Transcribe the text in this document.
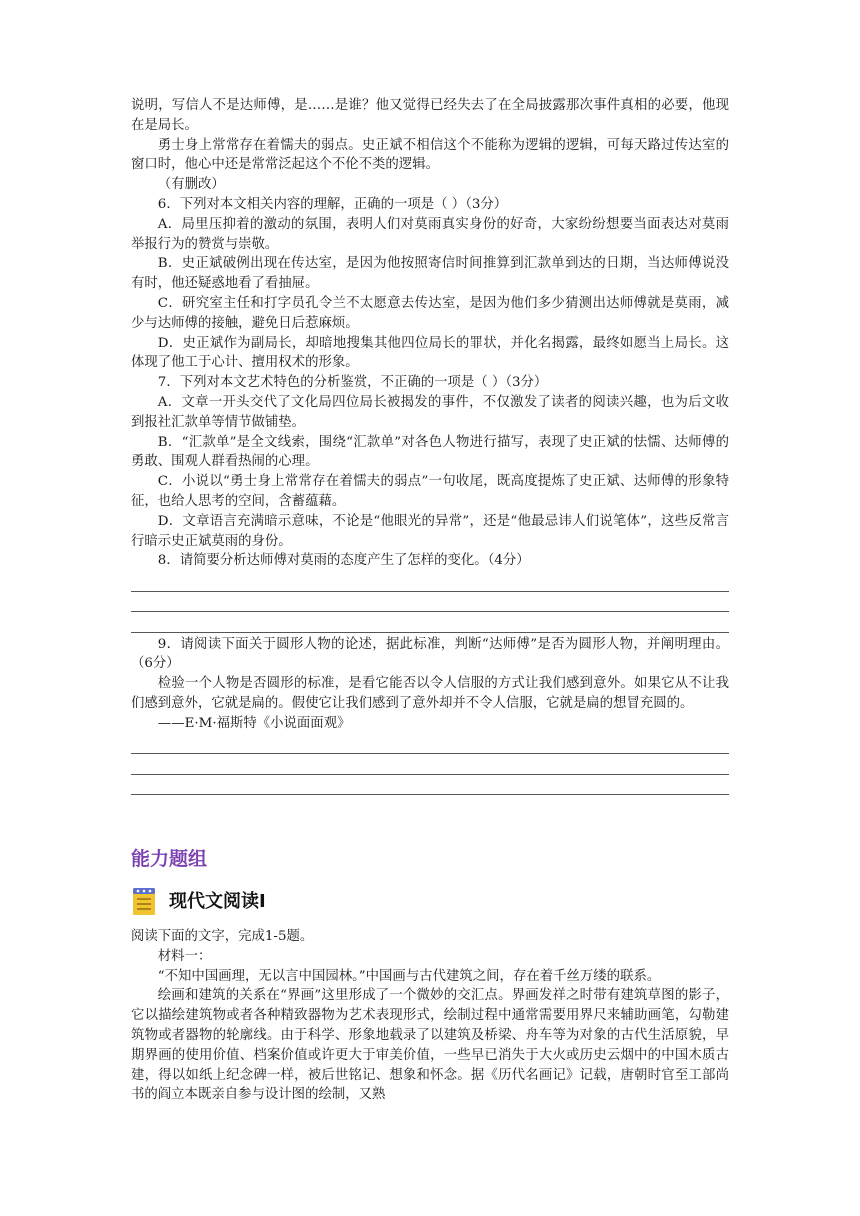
说明，写信人不是达师傅，是……是谁？他又觉得已经失去了在全局披露那次事件真相的必要，他现在是局长。

勇士身上常常存在着懦夫的弱点。史正斌不相信这个不能称为逻辑的逻辑，可每天路过传达室的窗口时，他心中还是常常泛起这个不伦不类的逻辑。

（有删改）

6．下列对本文相关内容的理解，正确的一项是（ ）（3分）

A．局里压抑着的激动的氛围，表明人们对莫雨真实身份的好奇，大家纷纷想要当面表达对莫雨举报行为的赞赏与崇敬。

B．史正斌破例出现在传达室，是因为他按照寄信时间推算到汇款单到达的日期，当达师傅说没有时，他还疑惑地看了看抽屉。

C．研究室主任和打字员孔令兰不太愿意去传达室，是因为他们多少猜测出达师傅就是莫雨，减少与达师傅的接触，避免日后惹麻烦。

D．史正斌作为副局长，却暗地搜集其他四位局长的罪状，并化名揭露，最终如愿当上局长。这体现了他工于心计、擅用权术的形象。

7．下列对本文艺术特色的分析鉴赏，不正确的一项是（ ）（3分）

A．文章一开头交代了文化局四位局长被揭发的事件，不仅激发了读者的阅读兴趣，也为后文收到报社汇款单等情节做铺垫。

B．“汇款单”是全文线索，围绕“汇款单”对各色人物进行描写，表现了史正斌的怯懦、达师傅的勇敢、围观人群看热闹的心理。

C．小说以“勇士身上常常存在着懦夫的弱点”一句收尾，既高度提炼了史正斌、达师傅的形象特征，也给人思考的空间，含蓄蕴藉。

D．文章语言充满暗示意味，不论是“他眼光的异常”，还是“他最忌讳人们说笔体”，这些反常言行暗示史正斌莫雨的身份。

8．请简要分析达师傅对莫雨的态度产生了怎样的变化。（4分）

9．请阅读下面关于圆形人物的论述，据此标准，判断“达师傅”是否为圆形人物，并阐明理由。（6分）

检验一个人物是否圆形的标准，是看它能否以令人信服的方式让我们感到意外。如果它从不让我们感到意外，它就是扁的。假使它让我们感到了意外却并不令人信服，它就是扁的想冒充圆的。

——E·M·福斯特《小说面面观》

能力题组
现代文阅读Ⅰ

阅读下面的文字，完成1-5题。

材料一：

“不知中国画理，无以言中国园林。”中国画与古代建筑之间，存在着千丝万缕的联系。

绘画和建筑的关系在“界画”这里形成了一个微妙的交汇点。界画发祥之时带有建筑草图的影子，它以描绘建筑物或者各种精致器物为艺术表现形式，绘制过程中通常需要用界尺来辅助画笔，勾勒建筑物或者器物的轮廓线。由于科学、形象地载录了以建筑及桥梁、舟车等为对象的古代生活原貌，早期界画的使用价值、档案价值或许更大于审美价值，一些早已消失于大火或历史云烟中的中国木质古建，得以如纸上纪念碑一样，被后世铭记、想象和怀念。据《历代名画记》记载，唐朝时官至工部尚书的阎立本既亲自参与设计图的绘制，又熟
